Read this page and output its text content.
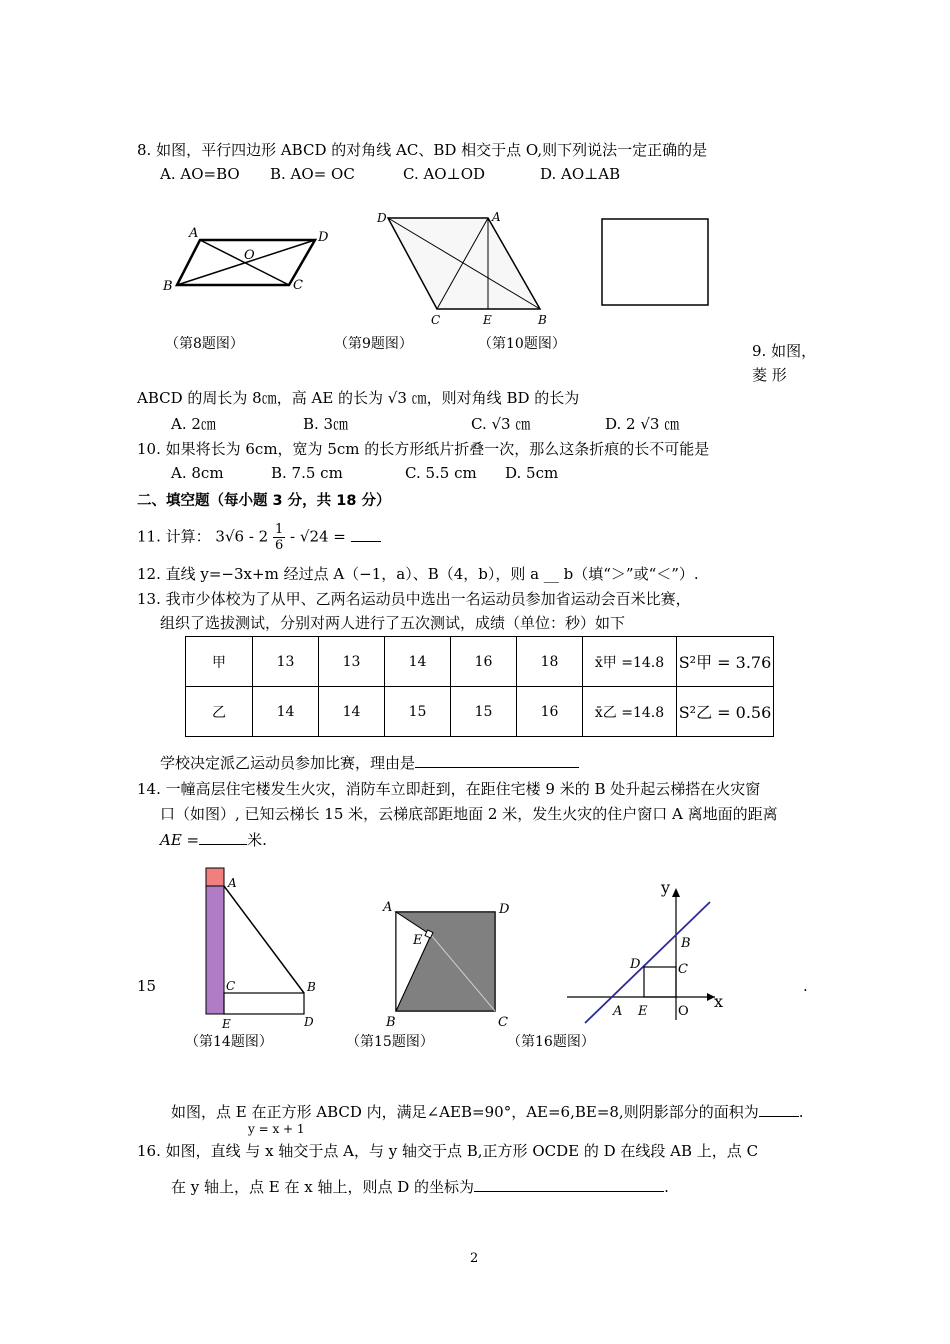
8. 如图，平行四边形 ABCD 的对角线 AC、BD 相交于点 O,则下列说法一定正确的是
A. AO=BO B. AO= OC	C. AO⊥OD	D. AO⊥AB
A	D
O
B	C
D	A
C	E	B
（第8题图）	（第9题图）	（第10题图）	9. 如图，
菱 形
ABCD 的周长为 8㎝，高 AE 的长为 √3 ㎝，则对角线 BD 的长为
A. 2㎝	B. 3㎝	C. √3 ㎝	D. 2 √3 ㎝
10. 如果将长为 6cm，宽为 5cm 的长方形纸片折叠一次，那么这条折痕的长不可能是
A. 8cm	B. 7.5 cm	C. 5.5 cm D. 5cm
二、填空题（每小题 3 分，共 18 分）
11. 计算： $3√6 - 2 \frac{1}{6} - √24$ =
12. 直线 y=−3x+m 经过点 A（−1，a）、B（4，b），则 a __ b（填“＞”或“＜”）.
13. 我市少体校为了从甲、乙两名运动员中选出一名运动员参加省运动会百米比赛，
组织了选拔测试，分别对两人进行了五次测试，成绩（单位：秒）如下
甲	13	13	14	16	18	x̄甲 =14.8	S²甲 = 3.76
乙	14	14	15	15	16	x̄乙 =14.8	S²乙 = 0.56
学校决定派乙运动员参加比赛，理由是
14. 一幢高层住宅楼发生火灾，消防车立即赶到，在距住宅楼 9 米的 B 处升起云梯搭在火灾窗
口（如图）, 已知云梯长 15 米，云梯底部距地面 2 米，发生火灾的住户窗口 A 离地面的距离
AE =	米.
15
A
C	B
E	D
A	D
E
B	C
y
x
B
D	C
A E O
.
（第14题图）	（第15题图）	（第16题图）
如图，点 E 在正方形 ABCD 内，满足∠AEB=90°，AE=6,BE=8,则阴影部分的面积为	.
y = x + 1
16. 如图，直线 与 x 轴交于点 A，与 y 轴交于点 B,正方形 OCDE 的 D 在线段 AB 上，点 C
在 y 轴上，点 E 在 x 轴上，则点 D 的坐标为	.
2
